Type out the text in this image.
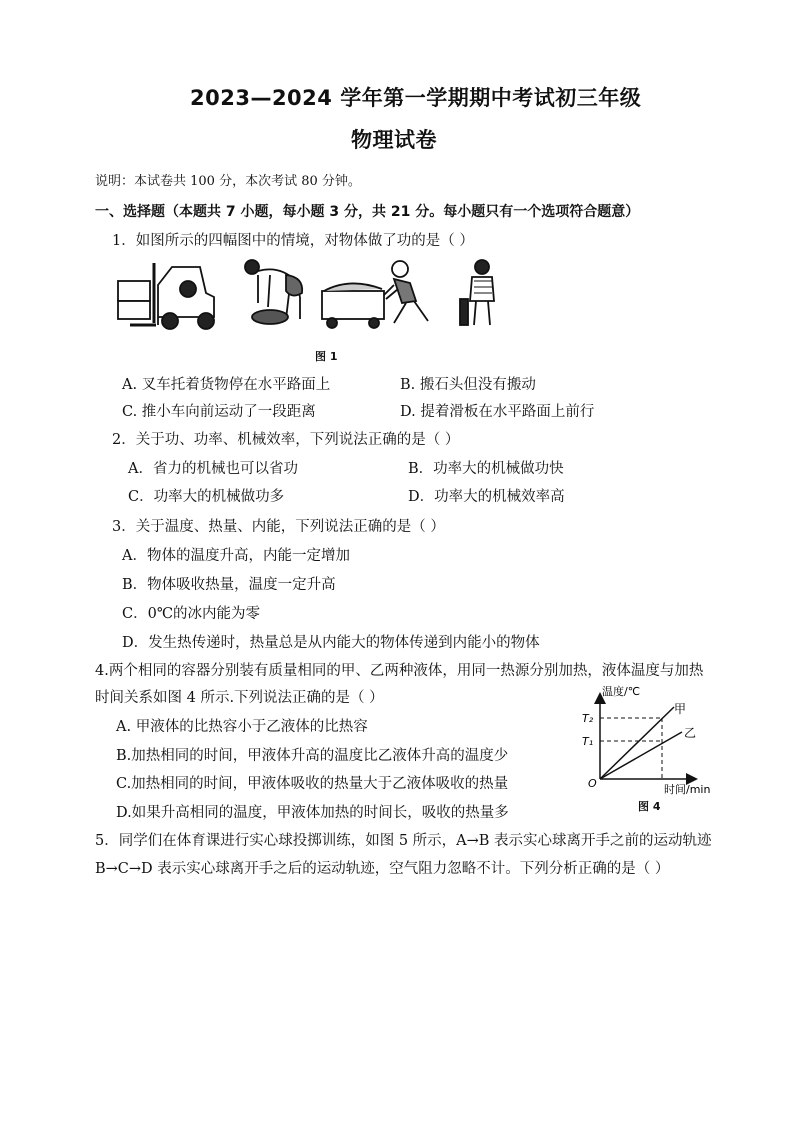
2023—2024 学年第一学期期中考试初三年级
物理试卷
说明：本试卷共 100 分，本次考试 80 分钟。
一、选择题（本题共 7 小题，每小题 3 分，共 21 分。每小题只有一个选项符合题意）
1．如图所示的四幅图中的情境，对物体做了功的是（ ）
图 1
A. 叉车托着货物停在水平路面上	B. 搬石头但没有搬动
C. 推小车向前运动了一段距离	D. 提着滑板在水平路面上前行
2．关于功、功率、机械效率，下列说法正确的是（ ）
A．省力的机械也可以省功	B．功率大的机械做功快
C．功率大的机械做功多	D．功率大的机械效率高
3．关于温度、热量、内能，下列说法正确的是（ ）
A．物体的温度升高，内能一定增加
B．物体吸收热量，温度一定升高
C．0℃的冰内能为零
D．发生热传递时，热量总是从内能大的物体传递到内能小的物体
4.两个相同的容器分别装有质量相同的甲、乙两种液体，用同一热源分别加热，液体温度与加热
时间关系如图 4 所示.下列说法正确的是（ ）
A. 甲液体的比热容小于乙液体的比热容
B.加热相同的时间，甲液体升高的温度比乙液体升高的温度少
C.加热相同的时间，甲液体吸收的热量大于乙液体吸收的热量
D.如果升高相同的温度，甲液体加热的时间长，吸收的热量多
温度/℃
时间/min
O
T₂
T₁
甲
乙
图 4
5．同学们在体育课进行实心球投掷训练，如图 5 所示，A→B 表示实心球离开手之前的运动轨迹
B→C→D 表示实心球离开手之后的运动轨迹，空气阻力忽略不计。下列分析正确的是（ ）
